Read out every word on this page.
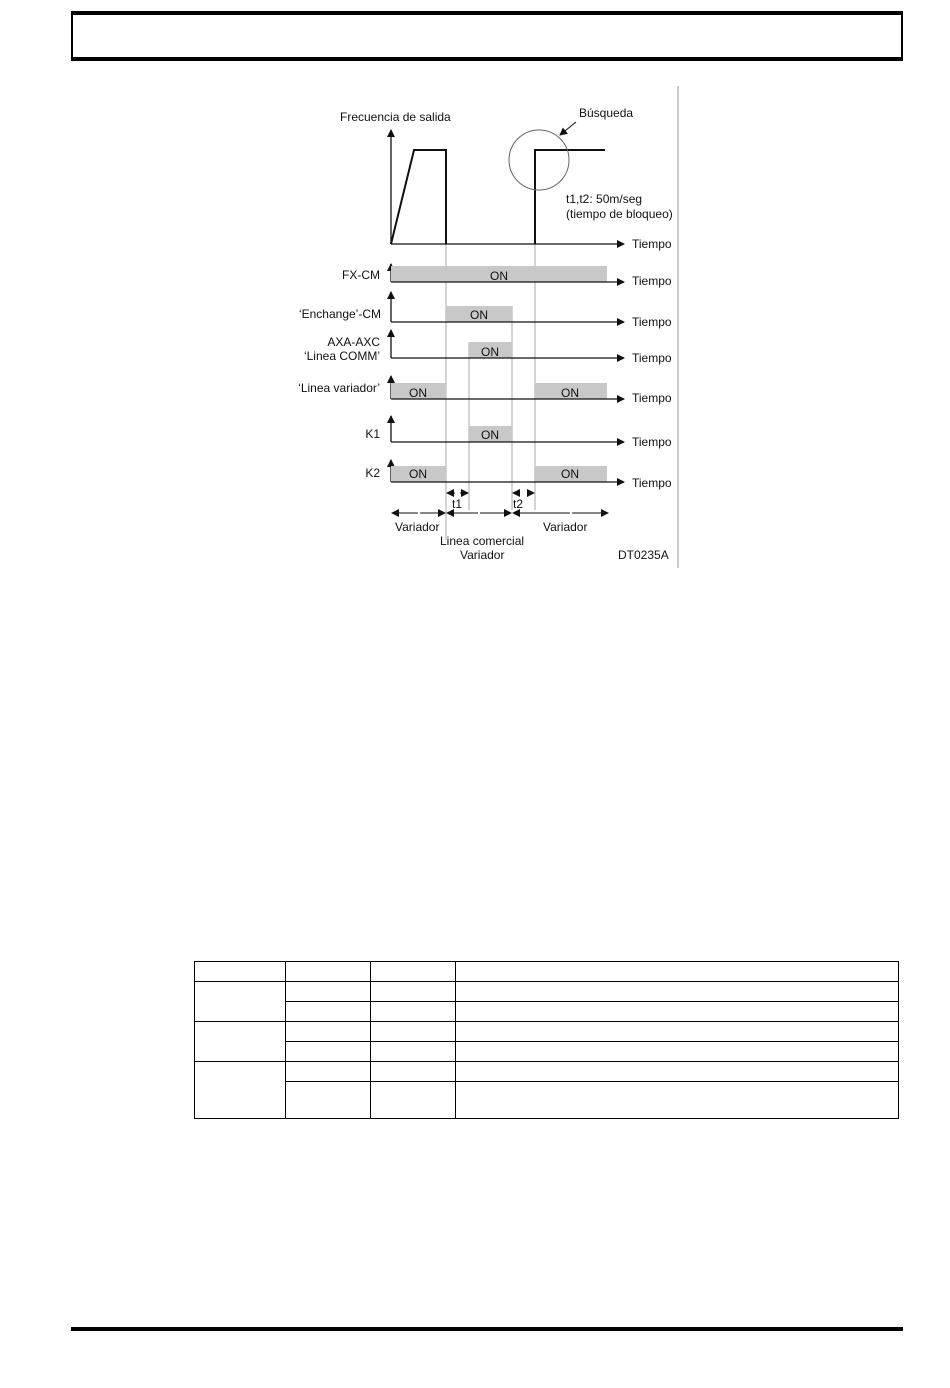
Frecuencia de salida	Búsqueda
t1,t2: 50m/seg
(tiempo de bloqueo)
Tiempo
FX-CM	ON	Tiempo
‘Enchange’-CM	ON	Tiempo
AXA-AXC
‘Linea COMM’	ON	Tiempo
‘Linea variador’ ON	ON	Tiempo
K1	ON	Tiempo
K2 ON	ON
Tiempo
t1	t2
Variador	Variador
Linea comercial
Variador	DT0235A
